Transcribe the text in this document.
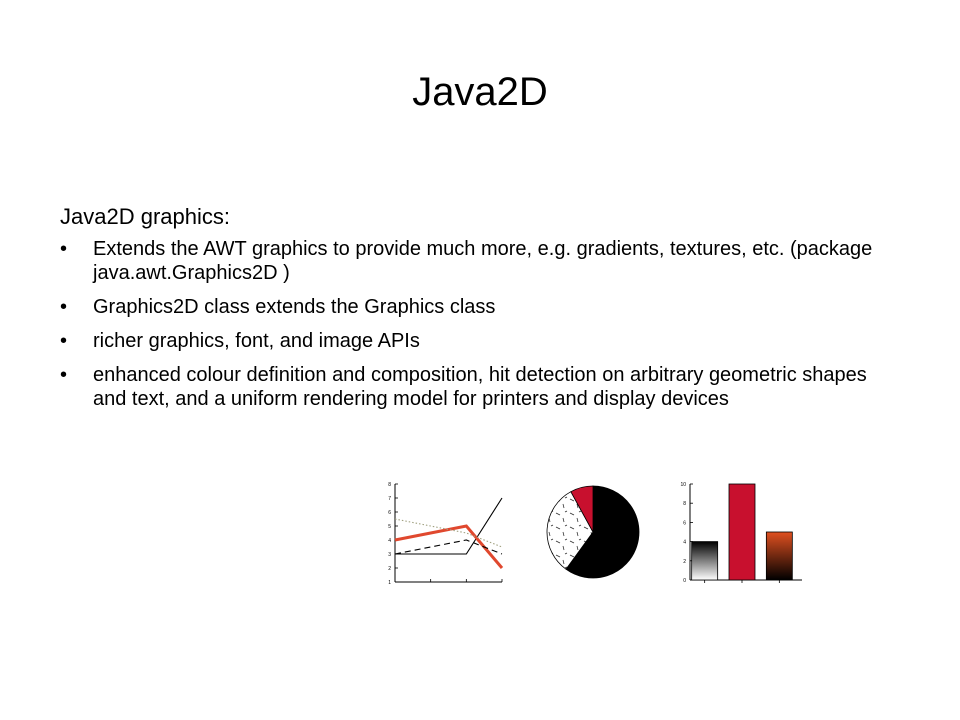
Java2D
Java2D graphics:
• Extends the AWT graphics to provide much more, e.g. gradients, textures, etc. (package java.awt.Graphics2D )
• Graphics2D class extends the Graphics class
• richer graphics, font, and image APIs
• enhanced colour definition and composition, hit detection on arbitrary geometric shapes and text, and a uniform rendering model for printers and display devices
1
2
3
4
5
6
7
8
0
2
4
6
8
10
